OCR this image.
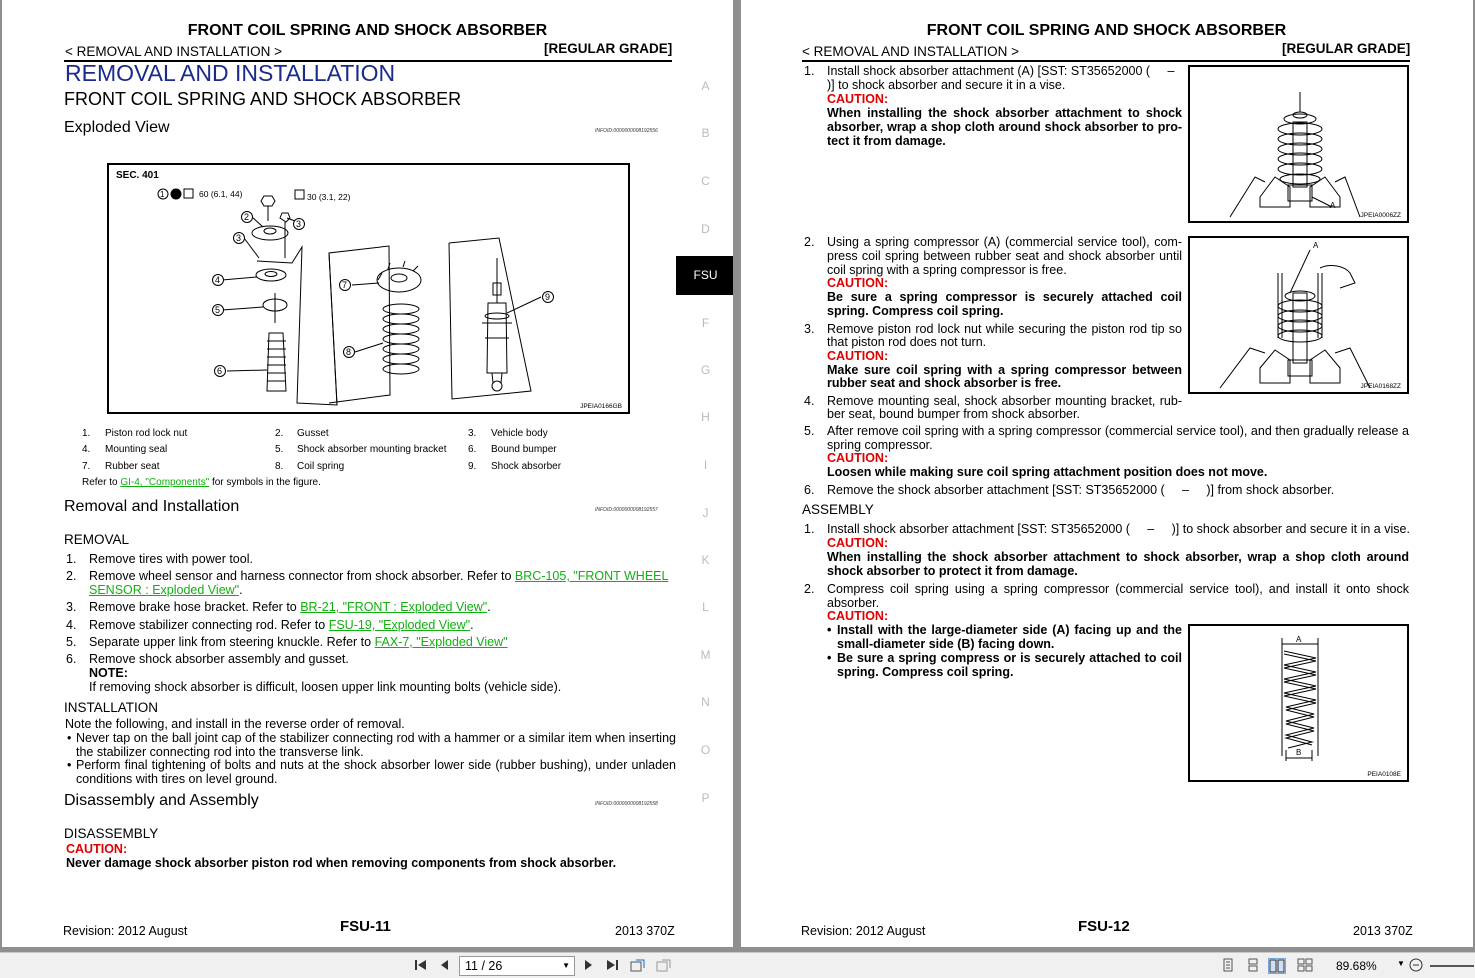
FRONT COIL SPRING AND SHOCK ABSORBER
< REMOVAL AND INSTALLATION >	[REGULAR GRADE]
REMOVAL AND INSTALLATION
FRONT COIL SPRING AND SHOCK ABSORBER
Exploded View	INFOID:0000000008192556
SEC. 401
60 (6.1, 44)	30 (3.1, 22)
1
2
3
3
4
5
6
7
8
9
JPEIA0166GB
1. Piston rod lock nut	2. Gusset	3. Vehicle body
4. Mounting seal	5. Shock absorber mounting bracket 6. Bound bumper
7. Rubber seat	8. Coil spring	9. Shock absorber
Refer to GI-4, "Components" for symbols in the figure.
Removal and Installation	INFOID:0000000008192557
REMOVAL
1. Remove tires with power tool.
2. Remove wheel sensor and harness connector from shock absorber. Refer to BRC-105, "FRONT WHEEL
SENSOR : Exploded View".
3. Remove brake hose bracket. Refer to BR-21, "FRONT : Exploded View".
4. Remove stabilizer connecting rod. Refer to FSU-19, "Exploded View".
5. Separate upper link from steering knuckle. Refer to FAX-7, "Exploded View"
6. Remove shock absorber assembly and gusset.
NOTE:
If removing shock absorber is difficult, loosen upper link mounting bolts (vehicle side).
INSTALLATION
Note the following, and install in the reverse order of removal.
• Never tap on the ball joint cap of the stabilizer connecting rod with a hammer or a similar item when inserting
the stabilizer connecting rod into the transverse link.
• Perform final tightening of bolts and nuts at the shock absorber lower side (rubber bushing), under unladen
conditions with tires on level ground.
Disassembly and Assembly	INFOID:0000000008192558
DISASSEMBLY
CAUTION:
Never damage shock absorber piston rod when removing components from shock absorber.
Revision: 2012 August	FSU-11	2013 370Z
A
B
C
D
FSU
F
G
H
I
J
K
L
M
N
O
P
FRONT COIL SPRING AND SHOCK ABSORBER
< REMOVAL AND INSTALLATION >	[REGULAR GRADE]
1. Install shock absorber attachment (A) [SST: ST35652000 (     –
)] to shock absorber and secure it in a vise.
CAUTION:
When installing the shock absorber attachment to shock
absorber, wrap a shop cloth around shock absorber to pro-
tect it from damage.
2. Using a spring compressor (A) (commercial service tool), com-
press coil spring between rubber seat and shock absorber until
coil spring with a spring compressor is free.
CAUTION:
Be sure a spring compressor is securely attached coil
spring. Compress coil spring.
3. Remove piston rod lock nut while securing the piston rod tip so
that piston rod does not turn.
CAUTION:
Make sure coil spring with a spring compressor between
rubber seat and shock absorber is free.
4. Remove mounting seal, shock absorber mounting bracket, rub-
ber seat, bound bumper from shock absorber.
5. After remove coil spring with a spring compressor (commercial service tool), and then gradually release a
spring compressor.
CAUTION:
Loosen while making sure coil spring attachment position does not move.
6. Remove the shock absorber attachment [SST: ST35652000 (     –     )] from shock absorber.
ASSEMBLY
1. Install shock absorber attachment [SST: ST35652000 (     –     )] to shock absorber and secure it in a vise.
CAUTION:
When installing the shock absorber attachment to shock absorber, wrap a shop cloth around
shock absorber to protect it from damage.
2. Compress coil spring using a spring compressor (commercial service tool), and install it onto shock
absorber.
CAUTION:
• Install with the large-diameter side (A) facing up and the
small-diameter side (B) facing down.
• Be sure a spring compress or is securely attached to coil
spring. Compress coil spring.
A
JPEIA0006ZZ
A
JPEIA0168ZZ
A
B
PEIA0108E
Revision: 2012 August	FSU-12	2013 370Z
11 / 26	▼	89.68%	▼
